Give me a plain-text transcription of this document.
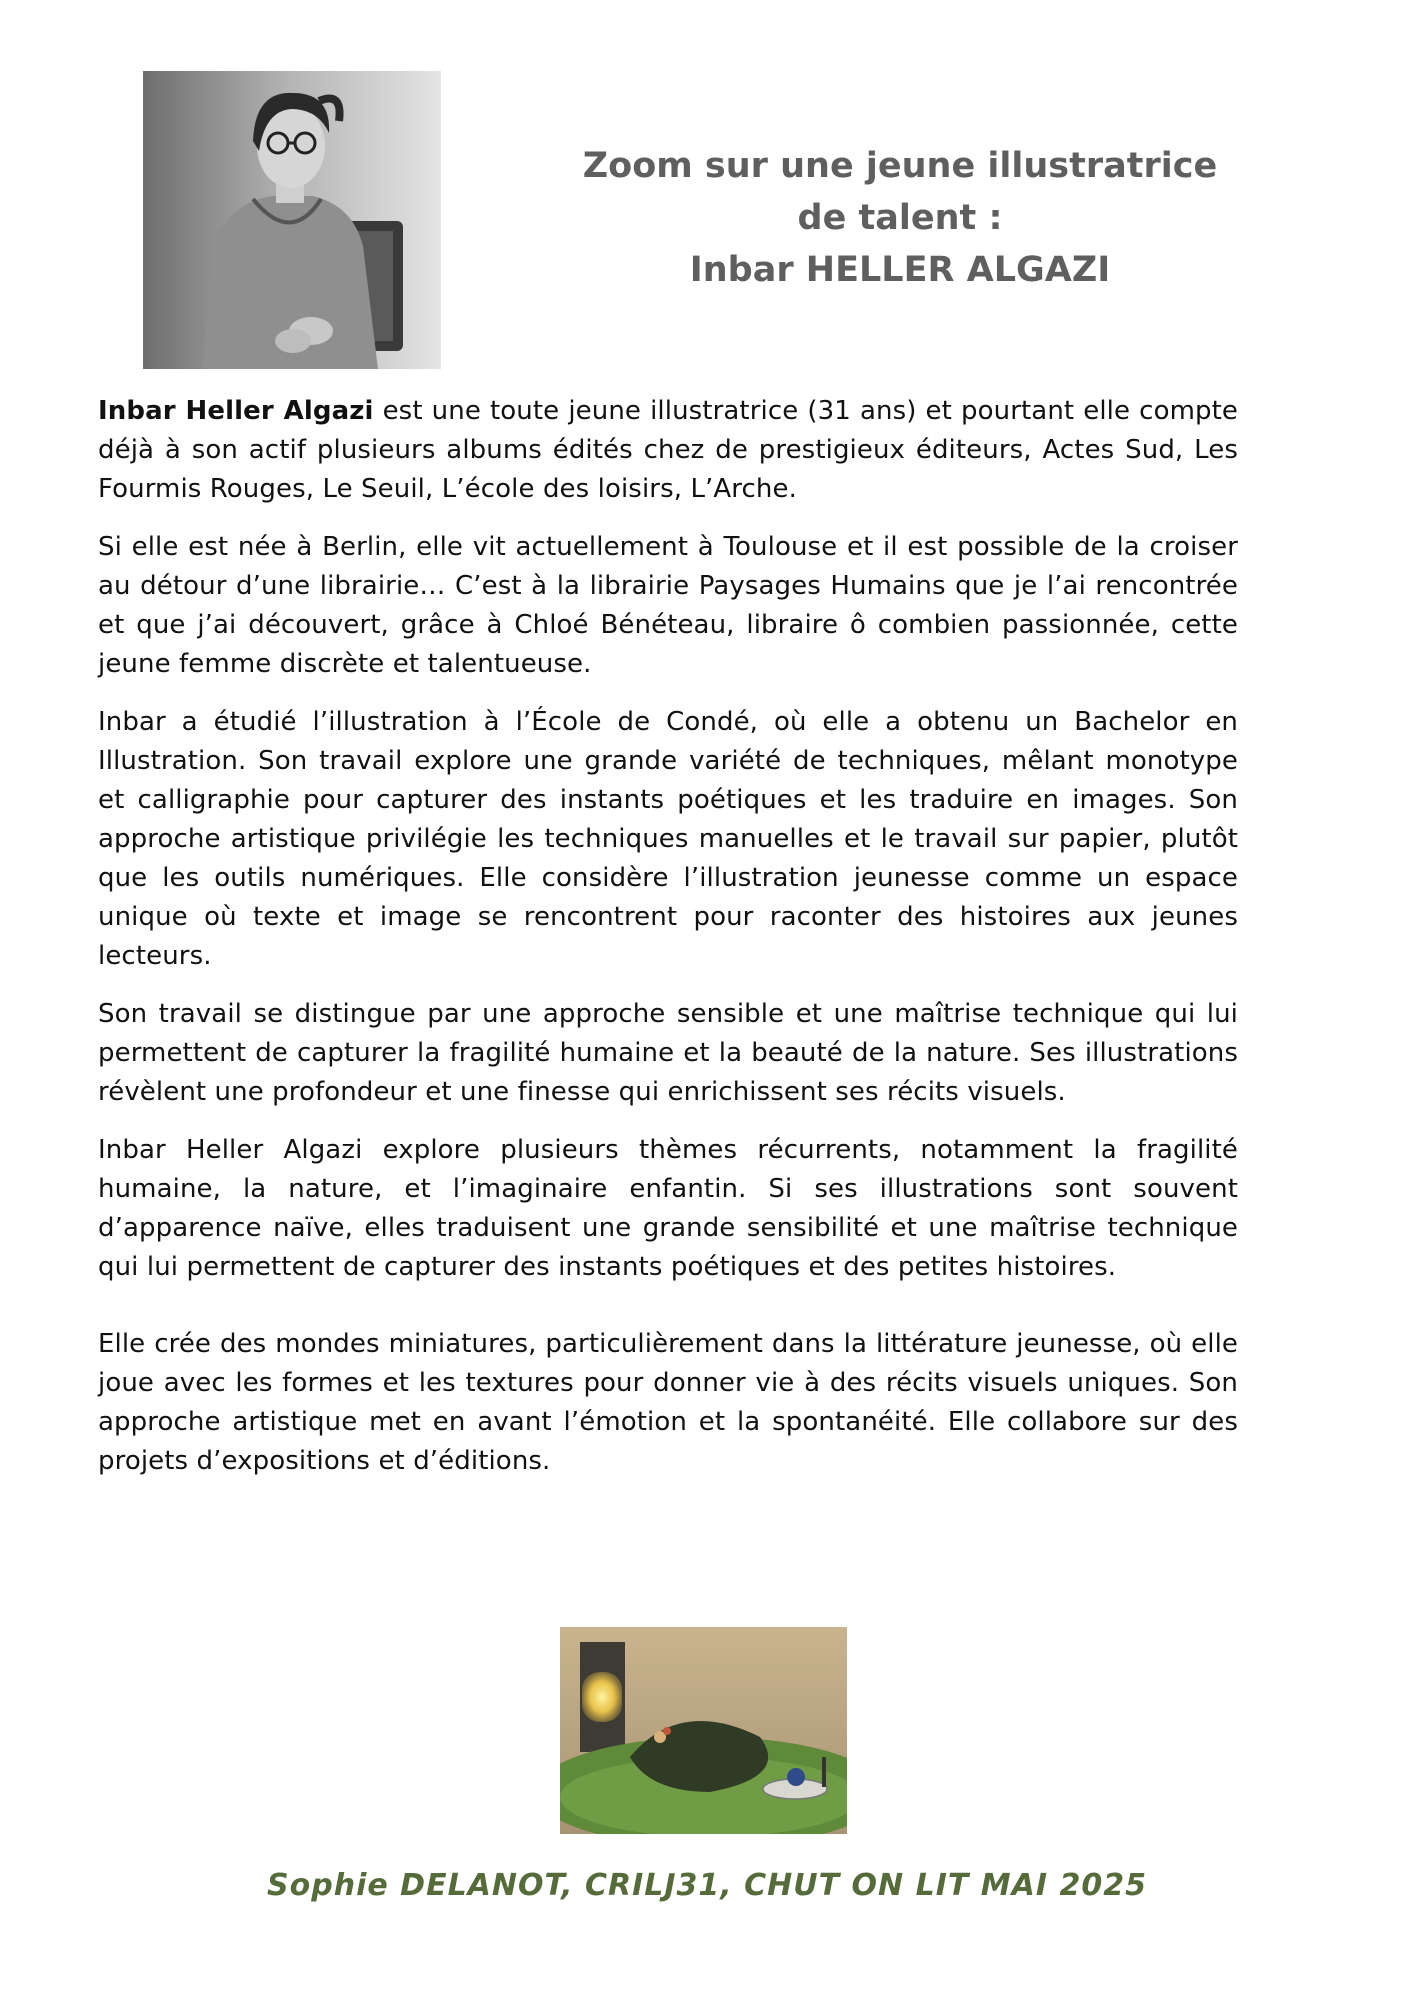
Zoom sur une jeune illustratrice
de talent :
Inbar HELLER ALGAZI

Inbar Heller Algazi est une toute jeune illustratrice (31 ans) et pourtant elle compte déjà à son actif plusieurs albums édités chez de prestigieux éditeurs, Actes Sud, Les Fourmis Rouges, Le Seuil, L’école des loisirs, L’Arche.

Si elle est née à Berlin, elle vit actuellement à Toulouse et il est possible de la croiser au détour d’une librairie… C’est à la librairie Paysages Humains que je l’ai rencontrée et que j’ai découvert, grâce à Chloé Bénéteau, libraire ô combien passionnée, cette jeune femme discrète et talentueuse.

Inbar a étudié l’illustration à l’École de Condé, où elle a obtenu un Bachelor en Illustration. Son travail explore une grande variété de techniques, mêlant monotype et calligraphie pour capturer des instants poétiques et les traduire en images. Son approche artistique privilégie les techniques manuelles et le travail sur papier, plutôt que les outils numériques. Elle considère l’illustration jeunesse comme un espace unique où texte et image se rencontrent pour raconter des histoires aux jeunes lecteurs.

Son travail se distingue par une approche sensible et une maîtrise technique qui lui permettent de capturer la fragilité humaine et la beauté de la nature. Ses illustrations révèlent une profondeur et une finesse qui enrichissent ses récits visuels.

Inbar Heller Algazi explore plusieurs thèmes récurrents, notamment la fragilité humaine, la nature, et l’imaginaire enfantin. Si ses illustrations sont souvent d’apparence naïve, elles traduisent une grande sensibilité et une maîtrise technique qui lui permettent de capturer des instants poétiques et des petites histoires.

Elle crée des mondes miniatures, particulièrement dans la littérature jeunesse, où elle joue avec les formes et les textures pour donner vie à des récits visuels uniques. Son approche artistique met en avant l’émotion et la spontanéité. Elle collabore sur des projets d’expositions et d’éditions.

Sophie DELANOT, CRILJ31, CHUT ON LIT MAI 2025
